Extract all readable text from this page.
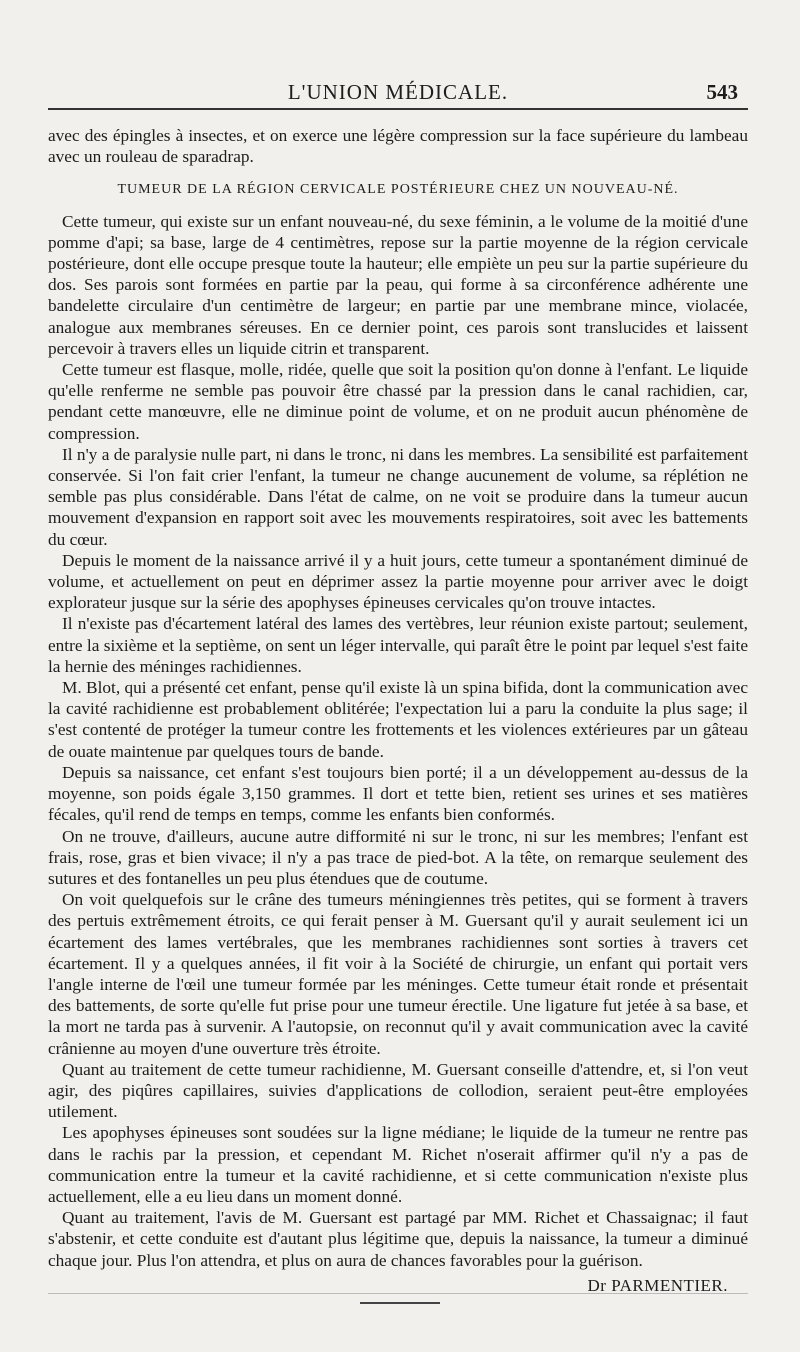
L'UNION MÉDICALE.	543

avec des épingles à insectes, et on exerce une légère compression sur la face supérieure du lambeau avec un rouleau de sparadrap.

TUMEUR DE LA RÉGION CERVICALE POSTÉRIEURE CHEZ UN NOUVEAU-NÉ.

Cette tumeur, qui existe sur un enfant nouveau-né, du sexe féminin, a le volume de la moitié d'une pomme d'api; sa base, large de 4 centimètres, repose sur la partie moyenne de la région cervicale postérieure, dont elle occupe presque toute la hauteur; elle empiète un peu sur la partie supérieure du dos. Ses parois sont formées en partie par la peau, qui forme à sa circonférence adhérente une bandelette circulaire d'un centimètre de largeur; en partie par une membrane mince, violacée, analogue aux membranes séreuses. En ce dernier point, ces parois sont translucides et laissent percevoir à travers elles un liquide citrin et transparent.

Cette tumeur est flasque, molle, ridée, quelle que soit la position qu'on donne à l'enfant. Le liquide qu'elle renferme ne semble pas pouvoir être chassé par la pression dans le canal rachidien, car, pendant cette manœuvre, elle ne diminue point de volume, et on ne produit aucun phénomène de compression.

Il n'y a de paralysie nulle part, ni dans le tronc, ni dans les membres. La sensibilité est parfaitement conservée. Si l'on fait crier l'enfant, la tumeur ne change aucunement de volume, sa réplétion ne semble pas plus considérable. Dans l'état de calme, on ne voit se produire dans la tumeur aucun mouvement d'expansion en rapport soit avec les mouvements respiratoires, soit avec les battements du cœur.

Depuis le moment de la naissance arrivé il y a huit jours, cette tumeur a spontanément diminué de volume, et actuellement on peut en déprimer assez la partie moyenne pour arriver avec le doigt explorateur jusque sur la série des apophyses épineuses cervicales qu'on trouve intactes.

Il n'existe pas d'écartement latéral des lames des vertèbres, leur réunion existe partout; seulement, entre la sixième et la septième, on sent un léger intervalle, qui paraît être le point par lequel s'est faite la hernie des méninges rachidiennes.

M. Blot, qui a présenté cet enfant, pense qu'il existe là un spina bifida, dont la communication avec la cavité rachidienne est probablement oblitérée; l'expectation lui a paru la conduite la plus sage; il s'est contenté de protéger la tumeur contre les frottements et les violences extérieures par un gâteau de ouate maintenue par quelques tours de bande.

Depuis sa naissance, cet enfant s'est toujours bien porté; il a un développement au-dessus de la moyenne, son poids égale 3,150 grammes. Il dort et tette bien, retient ses urines et ses matières fécales, qu'il rend de temps en temps, comme les enfants bien conformés.

On ne trouve, d'ailleurs, aucune autre difformité ni sur le tronc, ni sur les membres; l'enfant est frais, rose, gras et bien vivace; il n'y a pas trace de pied-bot. A la tête, on remarque seulement des sutures et des fontanelles un peu plus étendues que de coutume.

On voit quelquefois sur le crâne des tumeurs méningiennes très petites, qui se forment à travers des pertuis extrêmement étroits, ce qui ferait penser à M. Guersant qu'il y aurait seulement ici un écartement des lames vertébrales, que les membranes rachidiennes sont sorties à travers cet écartement. Il y a quelques années, il fit voir à la Société de chirurgie, un enfant qui portait vers l'angle interne de l'œil une tumeur formée par les méninges. Cette tumeur était ronde et présentait des battements, de sorte qu'elle fut prise pour une tumeur érectile. Une ligature fut jetée à sa base, et la mort ne tarda pas à survenir. A l'autopsie, on reconnut qu'il y avait communication avec la cavité crânienne au moyen d'une ouverture très étroite.

Quant au traitement de cette tumeur rachidienne, M. Guersant conseille d'attendre, et, si l'on veut agir, des piqûres capillaires, suivies d'applications de collodion, seraient peut-être employées utilement.

Les apophyses épineuses sont soudées sur la ligne médiane; le liquide de la tumeur ne rentre pas dans le rachis par la pression, et cependant M. Richet n'oserait affirmer qu'il n'y a pas de communication entre la tumeur et la cavité rachidienne, et si cette communication n'existe plus actuellement, elle a eu lieu dans un moment donné.

Quant au traitement, l'avis de M. Guersant est partagé par MM. Richet et Chassaignac; il faut s'abstenir, et cette conduite est d'autant plus légitime que, depuis la naissance, la tumeur a diminué chaque jour. Plus l'on attendra, et plus on aura de chances favorables pour la guérison.

Dr PARMENTIER.
